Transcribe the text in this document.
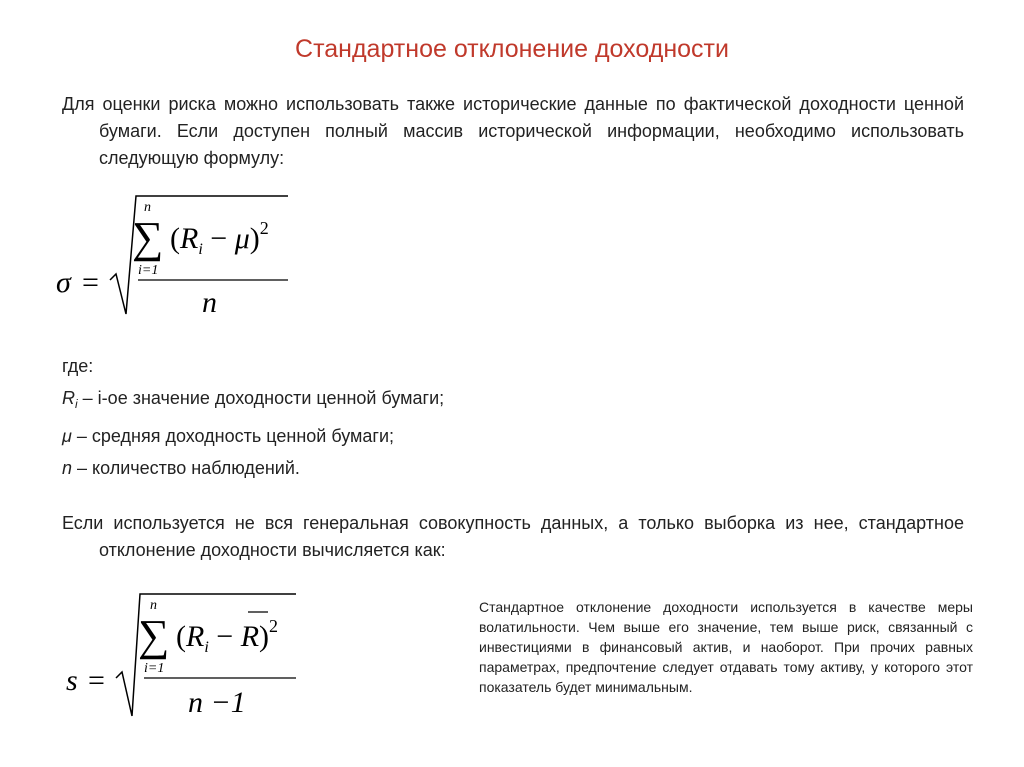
Стандартное отклонение доходности
Для оценки риска можно использовать также исторические данные по фактической доходности ценной бумаги. Если доступен полный массив исторической информации, необходимо использовать следующую формулу:
σ =
n
∑
i=1
$(R_i - \mu)^2$
n
где:
$R_i - i-ое$ значение доходности ценной бумаги;
μ – средняя доходность ценной бумаги;
n – количество наблюдений.
Если используется не вся генеральная совокупность данных, а только выборка из нее, стандартное отклонение доходности вычисляется как:
s =
n
∑
i=1
$(R_i - R)^2$
n −1
Стандартное отклонение доходности используется в качестве меры волатильности. Чем выше его значение, тем выше риск, связанный с инвестициями в финансовый актив, и наоборот. При прочих равных параметрах, предпочтение следует отдавать тому активу, у которого этот показатель будет минимальным.
